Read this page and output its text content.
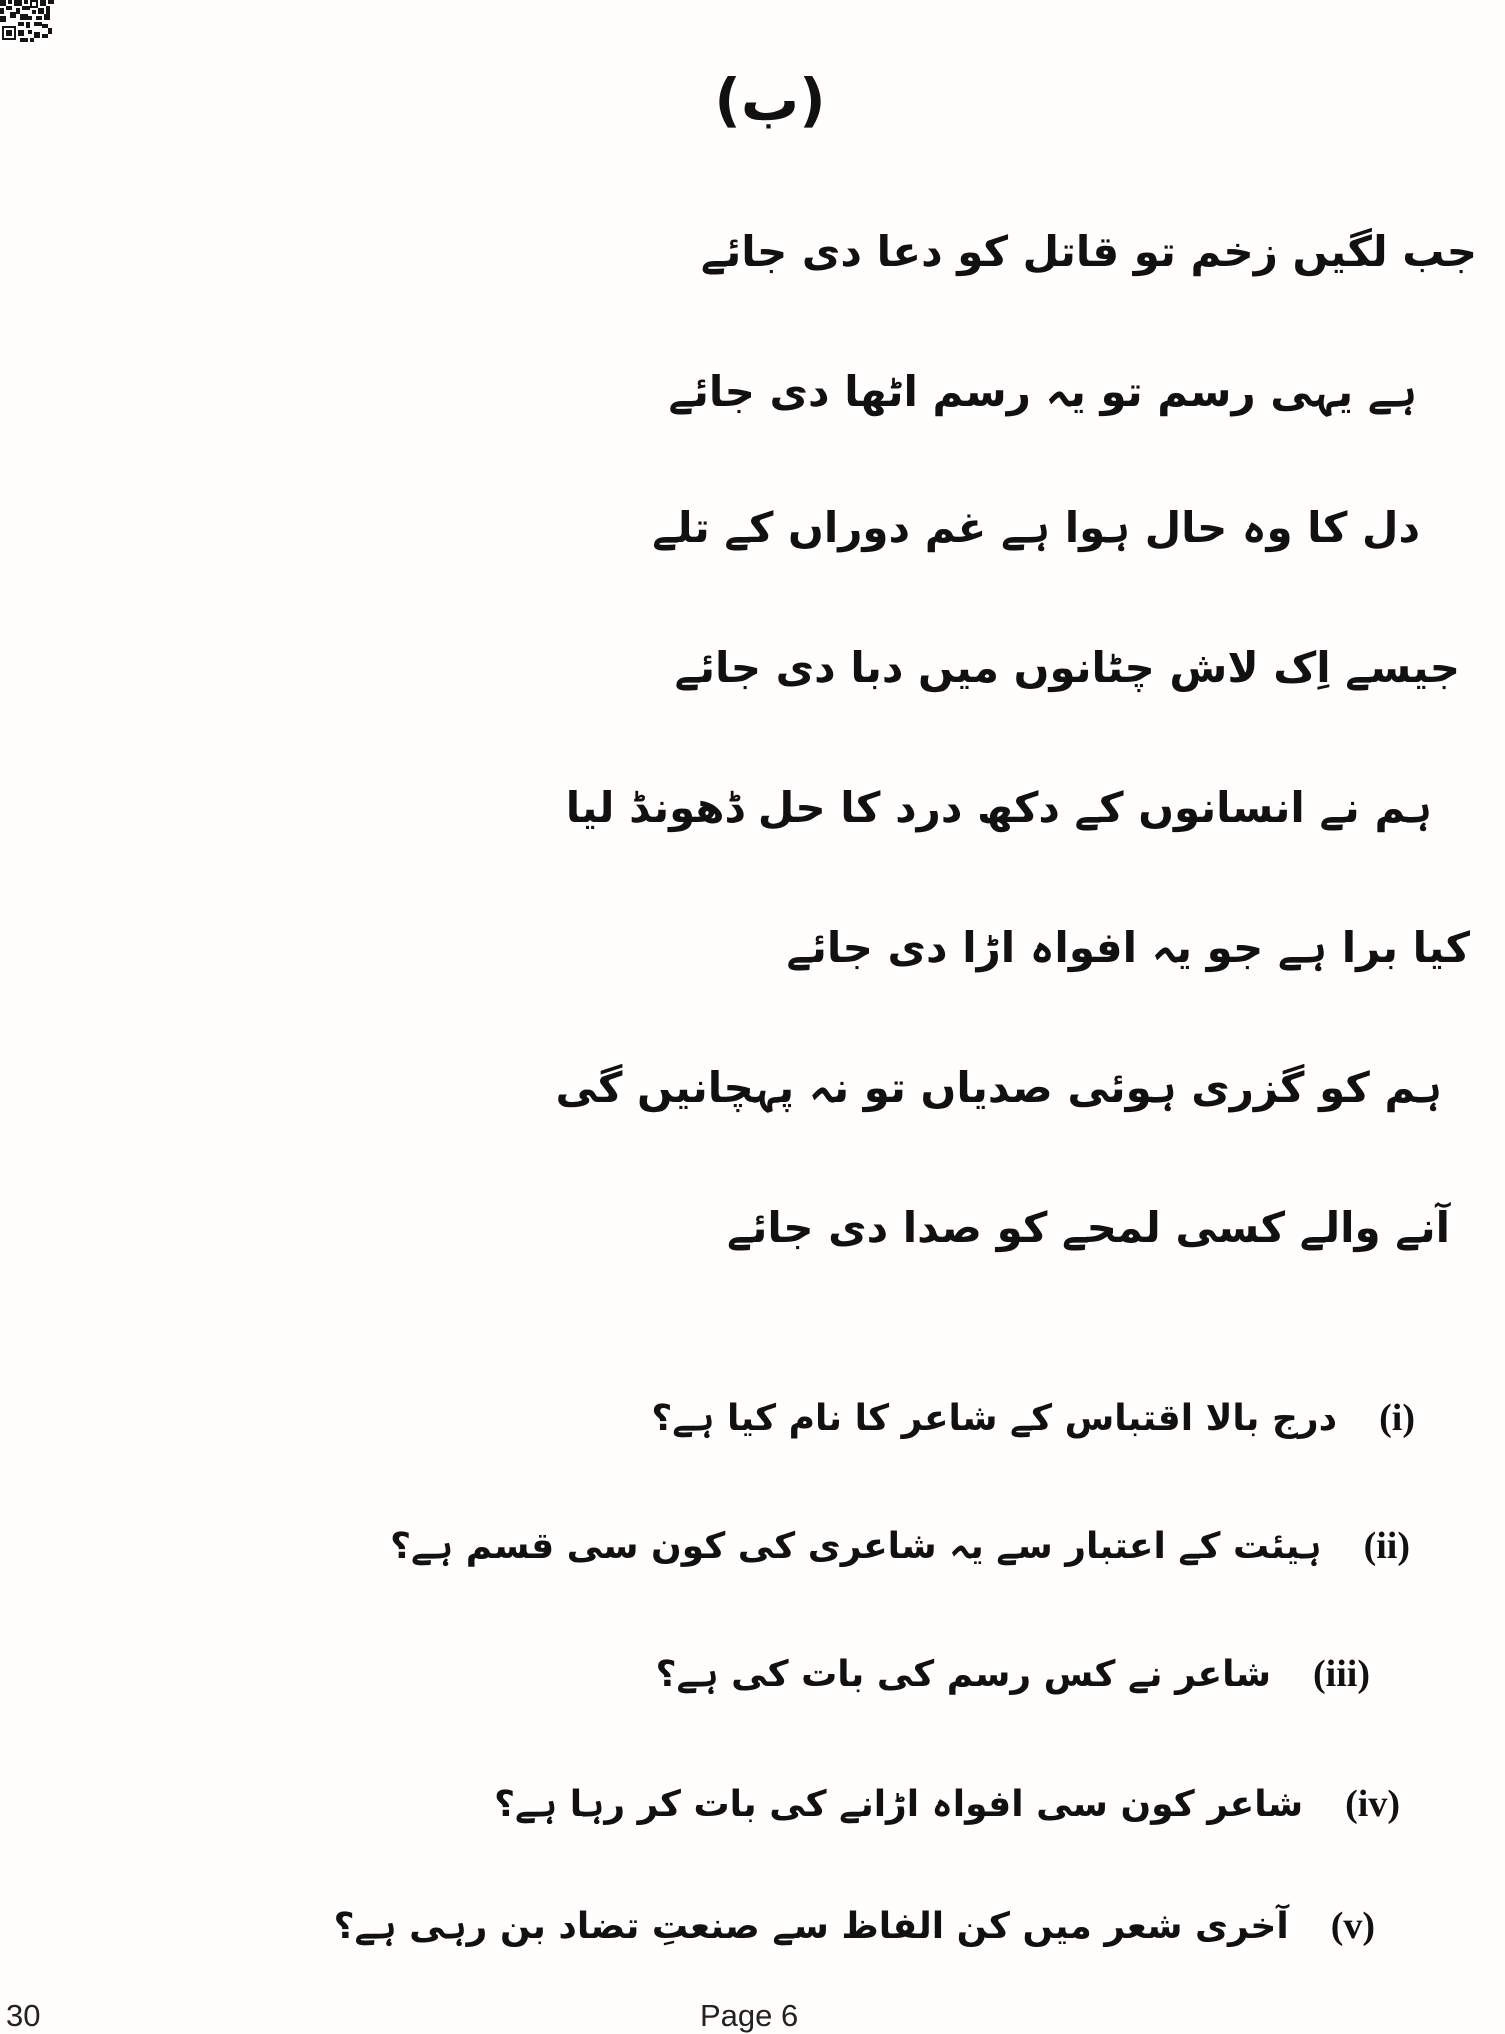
(ب)
جب لگیں زخم تو قاتل کو دعا دی جائے
ہے یہی رسم تو یہ رسم اٹھا دی جائے
دل کا وہ حال ہوا ہے غم دوراں کے تلے
جیسے اِک لاش چٹانوں میں دبا دی جائے
ہم نے انسانوں کے دکھ درد کا حل ڈھونڈ لیا
کیا برا ہے جو یہ افواہ اڑا دی جائے
ہم کو گزری ہوئی صدیاں تو نہ پہچانیں گی
آنے والے کسی لمحے کو صدا دی جائے
(i)
درج بالا اقتباس کے شاعر کا نام کیا ہے؟
(ii)
ہیئت کے اعتبار سے یہ شاعری کی کون سی قسم ہے؟
(iii)
شاعر نے کس رسم کی بات کی ہے؟
(iv)
شاعر کون سی افواہ اڑانے کی بات کر رہا ہے؟
(v)
آخری شعر میں کن الفاظ سے صنعتِ تضاد بن رہی ہے؟
30	Page 6
